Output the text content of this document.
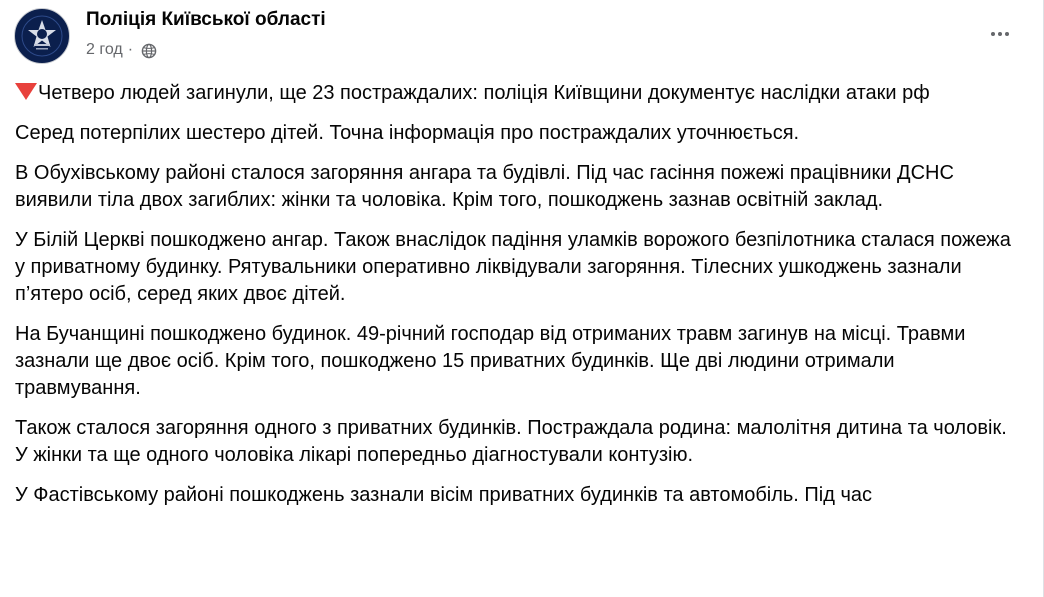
Поліція Київської області
2 год ·

Четверо людей загинули, ще 23 постраждалих: поліція Київщини документує наслідки атаки рф

Серед потерпілих шестеро дітей. Точна інформація про постраждалих уточнюється.

В Обухівському районі сталося загоряння ангара та будівлі. Під час гасіння пожежі працівники ДСНС виявили тіла двох загиблих: жінки та чоловіка. Крім того, пошкоджень зазнав освітній заклад.

У Білій Церкві пошкоджено ангар. Також внаслідок падіння уламків ворожого безпілотника сталася пожежа у приватному будинку. Рятувальники оперативно ліквідували загоряння. Тілесних ушкоджень зазнали п’ятеро осіб, серед яких двоє дітей.

На Бучанщині пошкоджено будинок. 49-річний господар від отриманих травм загинув на місці. Травми зазнали ще двоє осіб. Крім того, пошкоджено 15 приватних будинків. Ще дві людини отримали травмування.

Також сталося загоряння одного з приватних будинків. Постраждала родина: малолітня дитина та чоловік. У жінки та ще одного чоловіка лікарі попередньо діагностували контузію.

У Фастівському районі пошкоджень зазнали вісім приватних будинків та автомобіль. Під час
